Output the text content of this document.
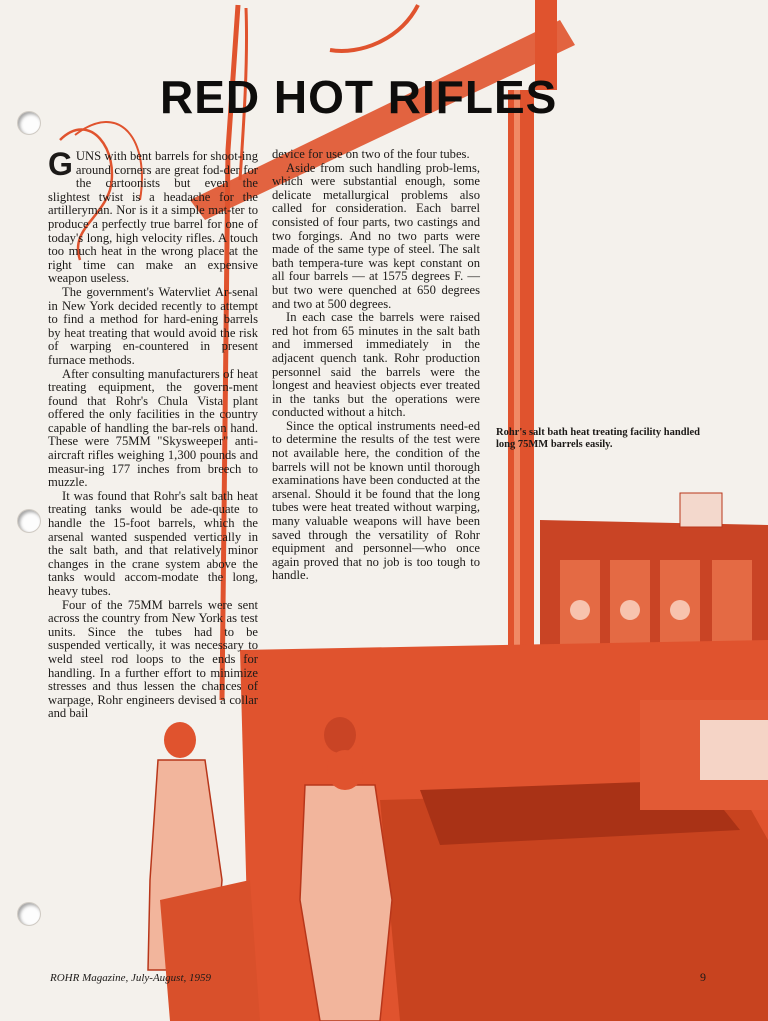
RED HOT RIFLES

GUNS with bent barrels for shoot-ing around corners are great fod-der for the cartoonists but even the slightest twist is a headache for the artilleryman. Nor is it a simple mat-ter to produce a perfectly true barrel for one of today's long, high velocity rifles. A touch too much heat in the wrong place at the right time can make an expensive weapon useless.

The government's Watervliet Ar-senal in New York decided recently to attempt to find a method for hard-ening barrels by heat treating that would avoid the risk of warping en-countered in present furnace methods.

After consulting manufacturers of heat treating equipment, the govern-ment found that Rohr's Chula Vista plant offered the only facilities in the country capable of handling the bar-rels on hand. These were 75MM "Skysweeper" anti-aircraft rifles weighing 1,300 pounds and measur-ing 177 inches from breech to muzzle.

It was found that Rohr's salt bath heat treating tanks would be ade-quate to handle the 15-foot barrels, which the arsenal wanted suspended vertically in the salt bath, and that relatively minor changes in the crane system above the tanks would accom-modate the long, heavy tubes.

Four of the 75MM barrels were sent across the country from New York as test units. Since the tubes had to be suspended vertically, it was necessary to weld steel rod loops to the ends for handling. In a further effort to minimize stresses and thus lessen the chances of warpage, Rohr engineers devised a collar and bail

device for use on two of the four tubes.

Aside from such handling prob-lems, which were substantial enough, some delicate metallurgical problems also called for consideration. Each barrel consisted of four parts, two castings and two forgings. And no two parts were made of the same type of steel. The salt bath tempera-ture was kept constant on all four barrels — at 1575 degrees F. — but two were quenched at 650 degrees and two at 500 degrees.

In each case the barrels were raised red hot from 65 minutes in the salt bath and immersed immediately in the adjacent quench tank. Rohr production personnel said the barrels were the longest and heaviest objects ever treated in the tanks but the operations were conducted without a hitch.

Since the optical instruments need-ed to determine the results of the test were not available here, the condition of the barrels will not be known until thorough examinations have been conducted at the arsenal. Should it be found that the long tubes were heat treated without warping, many valuable weapons will have been saved through the versatility of Rohr equipment and personnel—who once again proved that no job is too tough to handle.

Rohr's salt bath heat treating facility handled long 75MM barrels easily.
ROHR Magazine, July-August, 1959	9
